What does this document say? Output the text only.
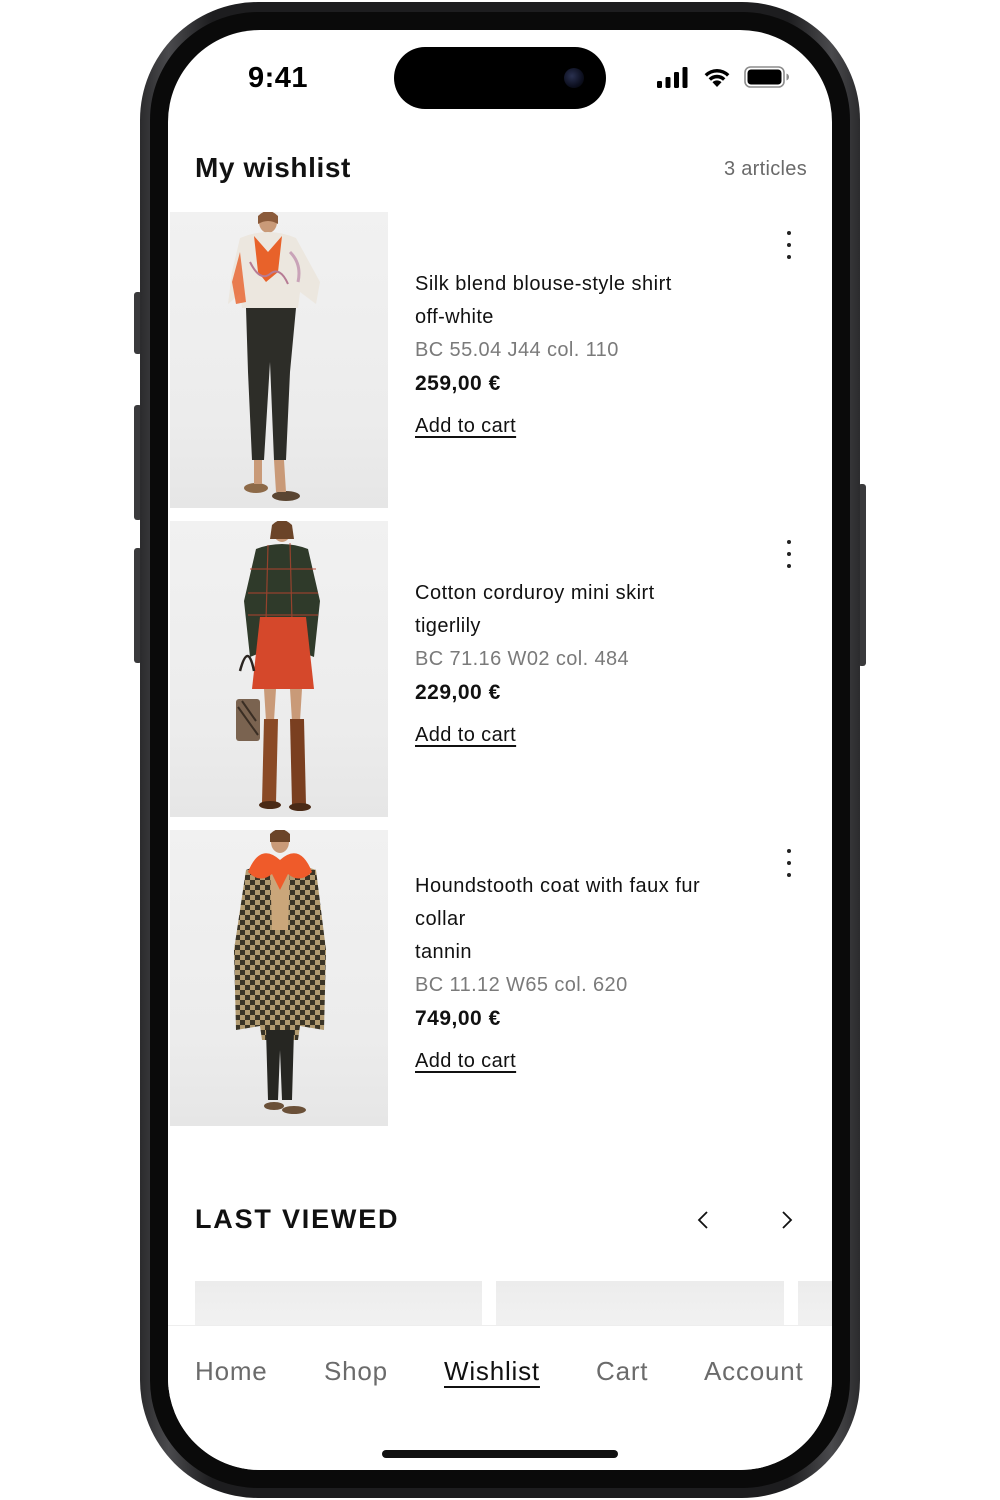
9:41
My wishlist	3 articles
Silk blend blouse-style shirt
off-white
BC 55.04 J44 col. 110
259,00 €
Add to cart
Cotton corduroy mini skirt
tigerlily
BC 71.16 W02 col. 484
229,00 €
Add to cart
Houndstooth coat with faux fur collar
tannin
BC 11.12 W65 col. 620
749,00 €
Add to cart
LAST VIEWED
Home Shop Wishlist Cart Account
